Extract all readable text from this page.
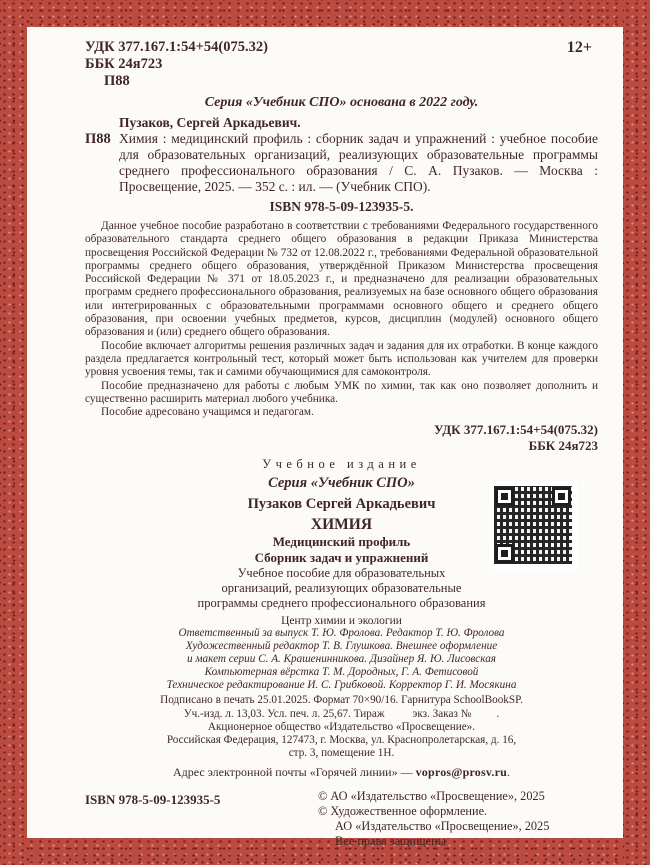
УДК 377.167.1:54+54(075.32)
ББК 24я723
П88
12+
Серия «Учебник СПО» основана в 2022 году.
Пузаков, Сергей Аркадьевич.
П88 Химия : медицинский профиль : сборник задач и упражнений : учебное пособие для образовательных организаций, реализующих образовательные программы среднего профессионального образования / С. А. Пузаков. — Москва : Просвещение, 2025. — 352 с. : ил. — (Учебник СПО).

ISBN 978-5-09-123935-5.

Данное учебное пособие разработано в соответствии с требованиями Федерального государственного образовательного стандарта среднего общего образования в редакции Приказа Министерства просвещения Российской Федерации № 732 от 12.08.2022 г., требованиями Федеральной образовательной программы среднего общего образования, утверждённой Приказом Министерства просвещения Российской Федерации № 371 от 18.05.2023 г., и предназначено для реализации образовательных программ среднего профессионального образования, реализуемых на базе основного общего образования или интегрированных с образовательными программами основного общего и среднего общего образования, при освоении учебных предметов, курсов, дисциплин (модулей) основного общего образования и (или) среднего общего образования.

Пособие включает алгоритмы решения различных задач и задания для их отработки. В конце каждого раздела предлагается контрольный тест, который может быть использован как учителем для проверки уровня усвоения темы, так и самими обучающимися для самоконтроля.

Пособие предназначено для работы с любым УМК по химии, так как оно позволяет дополнить и существенно расширить материал любого учебника.

Пособие адресовано учащимся и педагогам.

УДК 377.167.1:54+54(075.32)
ББК 24я723
Учебное издание
Серия «Учебник СПО»
Пузаков Сергей Аркадьевич
ХИМИЯ
Медицинский профиль
Сборник задач и упражнений
Учебное пособие для образовательных
организаций, реализующих образовательные
программы среднего профессионального образования
Центр химии и экологии
Ответственный за выпуск Т. Ю. Фролова. Редактор Т. Ю. Фролова
Художественный редактор Т. В. Глушкова. Внешнее оформление
и макет серии С. А. Крашенинникова. Дизайнер Я. Ю. Лисовская
Компьютерная вёрстка Т. М. Дородных, Г. А. Фетисовой
Техническое редактирование И. С. Грибковой. Корректор Г. И. Мосякина
Подписано в печать 25.01.2025. Формат 70×90/16. Гарнитура SchoolBookSP.
Уч.-изд. л. 13,03. Усл. печ. л. 25,67. Тираж          экз. Заказ №         .
Акционерное общество «Издательство «Просвещение».
Российская Федерация, 127473, г. Москва, ул. Краснопролетарская, д. 16,
стр. 3, помещение 1Н.
Адрес электронной почты «Горячей линии» — vopros@prosv.ru.
ISBN 978-5-09-123935-5	© АО «Издательство «Просвещение», 2025
© Художественное оформление.
АО «Издательство «Просвещение», 2025
Все права защищены
